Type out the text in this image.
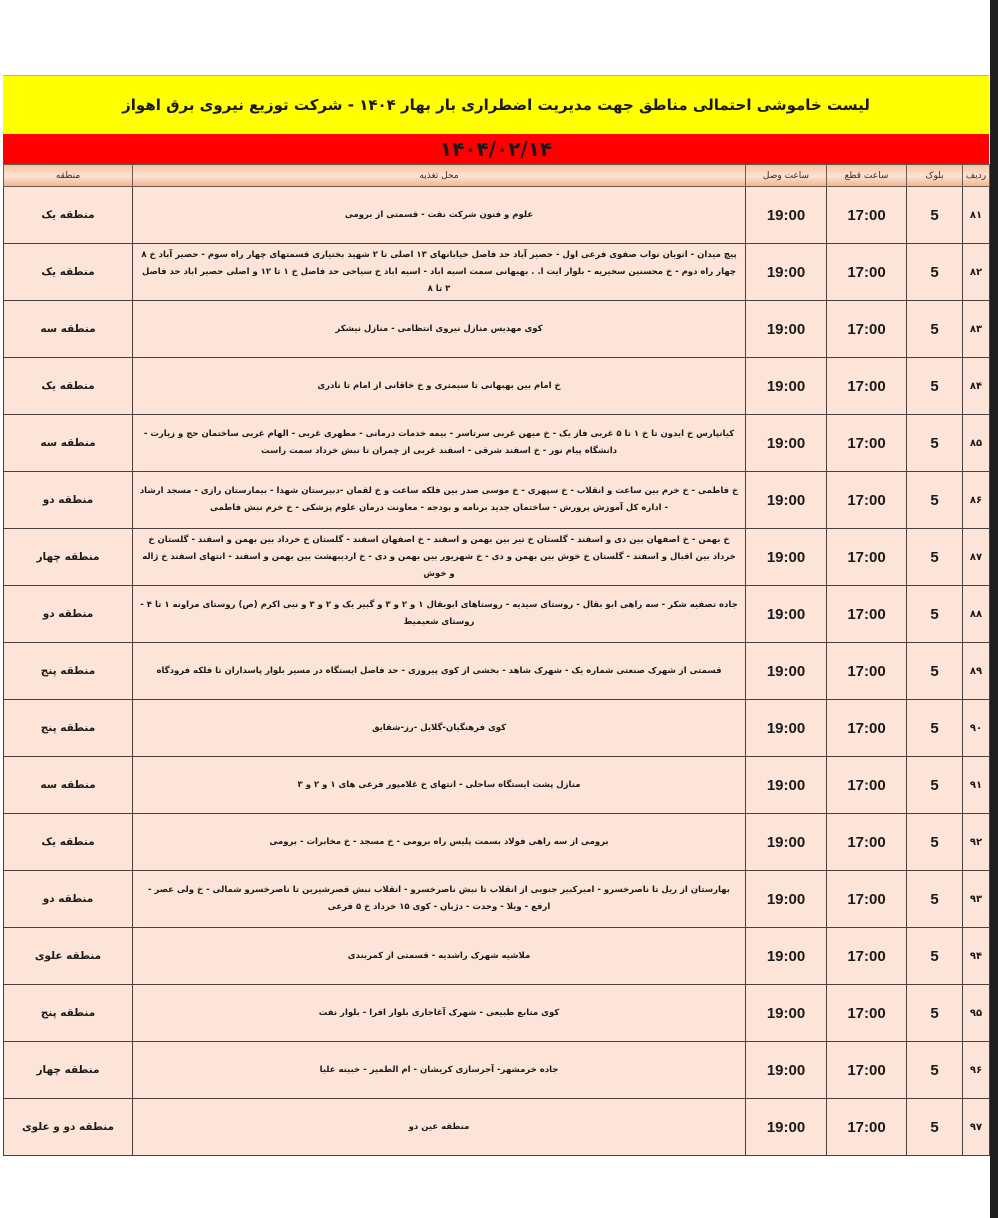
لیست خاموشی احتمالی مناطق جهت مدیریت اضطراری بار بهار ۱۴۰۴ - شرکت توزیع نیروی برق اهواز
۱۴۰۴/۰۲/۱۴
ردیف	بلوک	ساعت قطع	ساعت وصل	محل تغذیه	منطقه
۸۱	5	17:00	19:00	علوم و فنون شرکت نفت - قسمتی از برومی	منطقه یک
۸۲	5	17:00	19:00	پیچ میدان - اتوبان نواب صفوی فرعی اول - حصیر آباد حد فاصل خیابانهای ۱۳ اصلی تا ۲ شهید بختیاری قسمتهای چهار راه سوم - حصیر آباد خ ۸ چهار راه دوم - خ محسنین سخیریه - بلوار ایت ا. . بهبهانی سمت اسیه اباد - اسیه اباد خ سیاحی حد فاصل خ ۱ تا ۱۲ و اصلی حصیر اباد حد فاصل ۳ تا ۸	منطقه یک
۸۳	5	17:00	19:00	کوی مهدیس منازل نیروی انتظامی - منازل نیشکر	منطقه سه
۸۴	5	17:00	19:00	خ امام بین بهبهانی تا سیمتری و خ خاقانی از امام تا نادری	منطقه یک
۸۵	5	17:00	19:00	کیانپارس خ ایدون تا خ ۱ تا ۵ غربی فاز یک - خ میهن غربی سرتاسر - بیمه خدمات درمانی - مطهری غربی - الهام غربی ساختمان حج و زیارت - دانشگاه پیام نور - خ اسفند شرقی - اسفند غربی از چمران تا نبش خرداد سمت راست	منطقه سه
۸۶	5	17:00	19:00	خ فاطمی - خ خرم بین ساعت و انقلاب - خ سپهری - خ موسی صدر بین فلکه ساعت و خ لقمان -دبیرستان شهدا - بیمارستان رازی - مسجد ارشاد - اداره کل آموزش پرورش - ساختمان جدید برنامه و بودجه - معاونت درمان علوم پزشکی - خ خرم نبش فاطمی	منطقه دو
۸۷	5	17:00	19:00	خ بهمن - خ اصفهان بین دی و اسفند - گلستان خ تیر بین بهمن و اسفند - خ اصفهان اسفند - گلستان خ خرداد بین بهمن و اسفند - گلستان خ خرداد بین اقبال و اسفند - گلستان خ خوش بین بهمن و دی - خ شهریور بین بهمن و دی - خ اردیبهشت بین بهمن و اسفند - انتهای اسفند خ ژاله و خوش	منطقه چهار
۸۸	5	17:00	19:00	جاده تصفیه شکر - سه راهی ابو بقال - روستای سیدیه - روستاهای ابوبقال ۱ و ۲ و ۳ و گبیر یک و ۲ و ۳ و نبی اکرم (ص) روستای مراونه ۱ تا ۴ - روستای شعیمیط	منطقه دو
۸۹	5	17:00	19:00	قسمتی از شهرک صنعتی شماره یک - شهرک شاهد - بخشی از کوی پیروزی - حد فاصل ایستگاه در مسیر بلوار پاسداران تا فلکه فرودگاه	منطقه پنج
۹۰	5	17:00	19:00	کوی فرهنگیان-گلایل -رز-شقایق	منطقه پنج
۹۱	5	17:00	19:00	منازل پشت ایستگاه ساحلی - انتهای خ غلامپور فرعی های ۱ و ۲ و ۳	منطقه سه
۹۲	5	17:00	19:00	برومی از سه راهی فولاد بسمت پلیس راه برومی - خ مسجد - خ مخابرات - برومی	منطقه یک
۹۳	5	17:00	19:00	بهارستان از ریل تا ناصرخسرو - امیرکبیر جنوبی از انقلاب تا نبش ناصرخسرو - انقلاب نبش قصرشیرین تا ناصرخسرو شمالی - خ ولی عصر - ارفع - ویلا - وحدت - دژبان - کوی ۱۵ خرداد خ ۵ فرعی	منطقه دو
۹۴	5	17:00	19:00	ملاشیه شهرک راشدیه - قسمتی از کمربندی	منطقه علوی
۹۵	5	17:00	19:00	کوی منابع طبیعی - شهرک آغاجاری بلوار افرا - بلوار نفت	منطقه پنج
۹۶	5	17:00	19:00	جاده خرمشهر- آجرسازی کریشان - ام الطمیر - خبینه علیا	منطقه چهار
۹۷	5	17:00	19:00	منطقه عین دو	منطقه دو و علوی
